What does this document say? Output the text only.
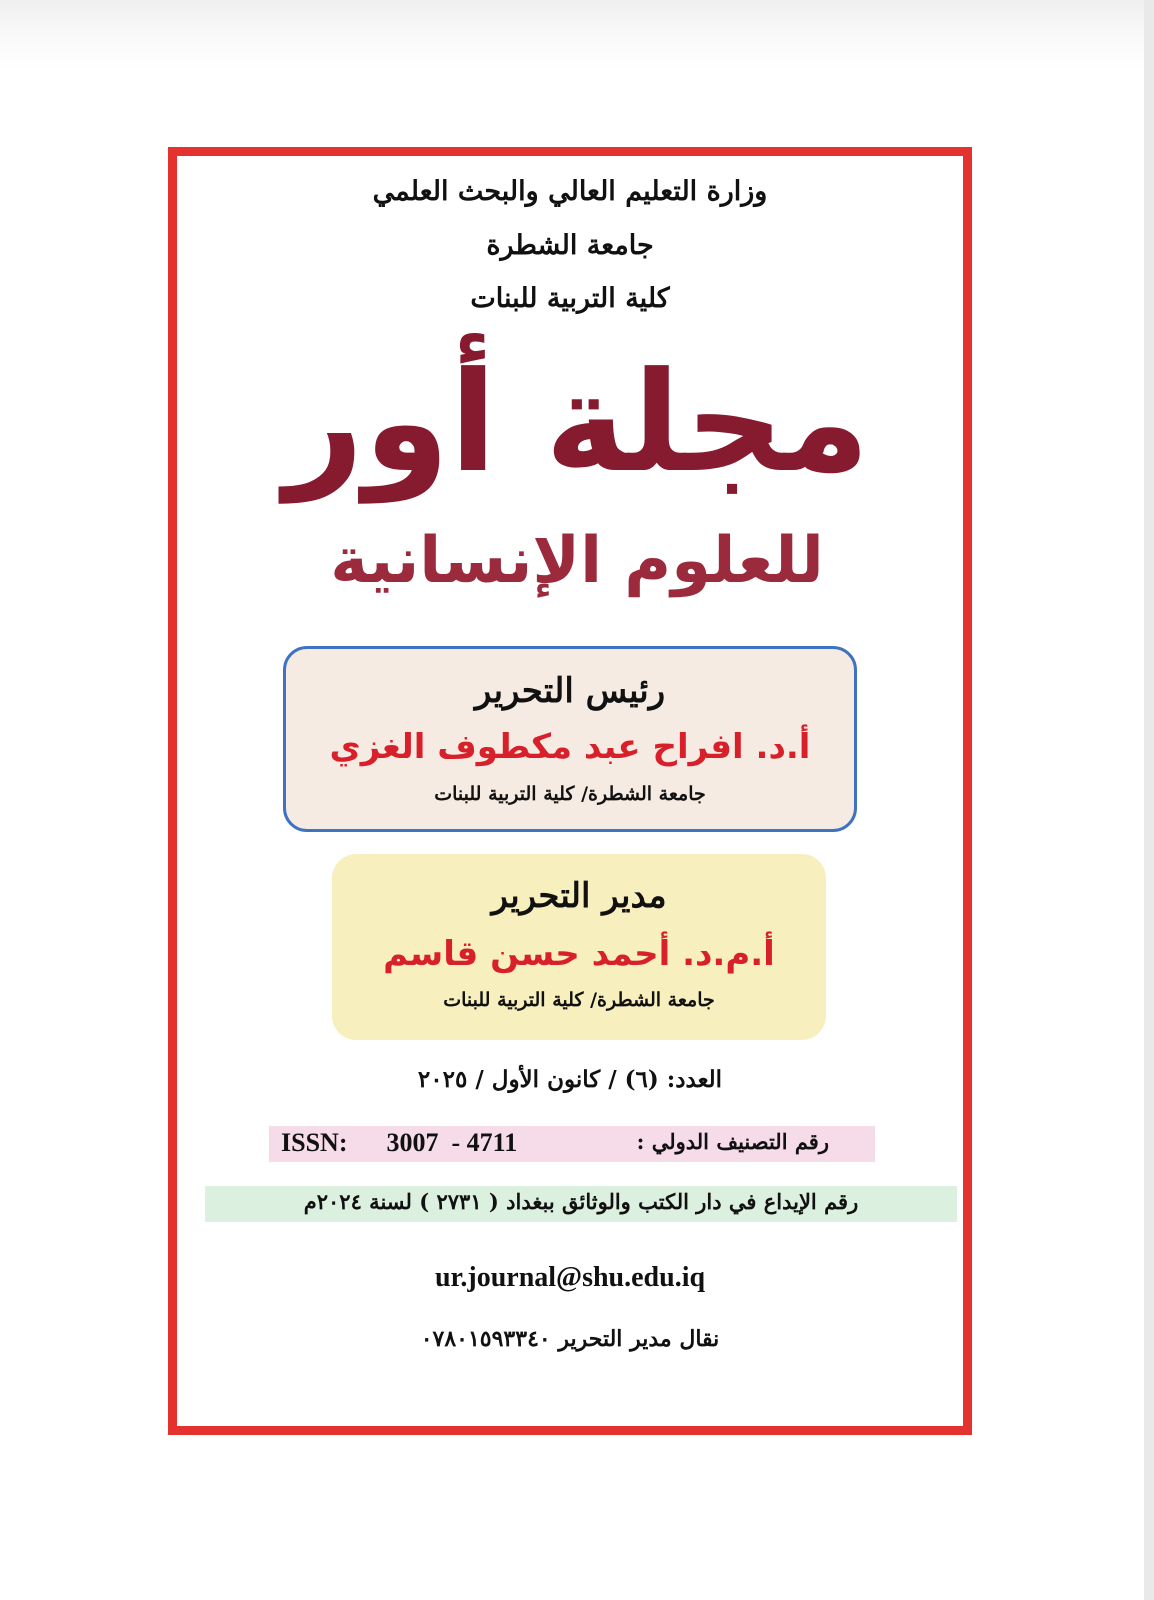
وزارة التعليم العالي والبحث العلمي
جامعة الشطرة
كلية التربية للبنات
مجلة أور
للعلوم الإنسانية
رئيس التحرير
أ.د. افراح عبد مكطوف الغزي
جامعة الشطرة/ كلية التربية للبنات
مدير التحرير
أ.م.د. أحمد حسن قاسم
جامعة الشطرة/ كلية التربية للبنات
العدد: (٦) / كانون الأول / ٢٠٢٥
رقم التصنيف الدولي :
ISSN:      3007  - 4711
رقم الإيداع في دار الكتب والوثائق ببغداد ( ٢٧٣١ ) لسنة ٢٠٢٤م
ur.journal@shu.edu.iq
نقال مدير التحرير ٠٧٨٠١٥٩٣٣٤٠
